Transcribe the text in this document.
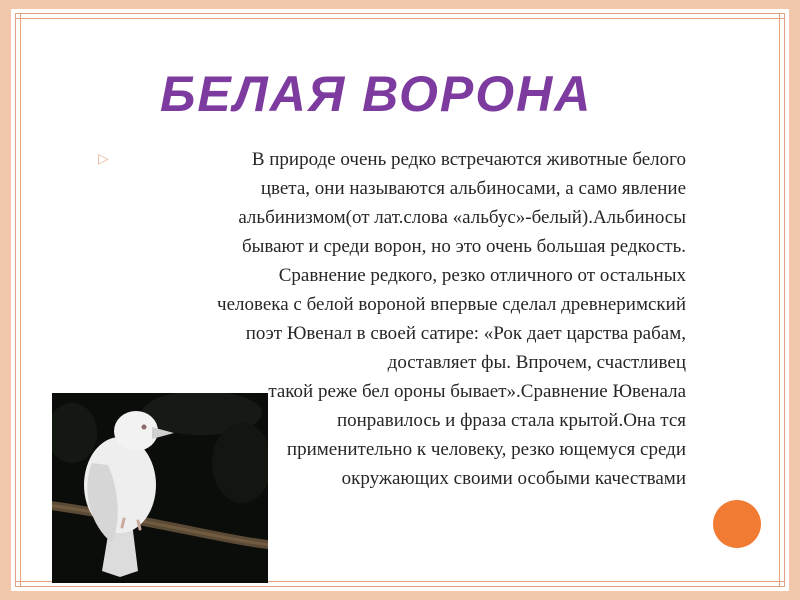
БЕЛАЯ ВОРОНА
▷	В природе очень редко встречаются животные белого
цвета, они называются альбиносами, а само явление
альбинизмом(от лат.слова «альбус»-белый).Альбиносы
бывают и среди ворон, но это очень большая редкость.
Сравнение редкого, резко отличного от остальных
человека с белой вороной впервые сделал древнеримский
поэт Ювенал в своей сатире: «Рок дает царства рабам,
доставляет фы. Впрочем, счастливец
такой реже бел ороны бывает».Сравнение Ювенала
понравилось и фраза стала крытой.Она тся
применительно к человеку, резко ющемуся среди
окружающих своими особыми качествами
